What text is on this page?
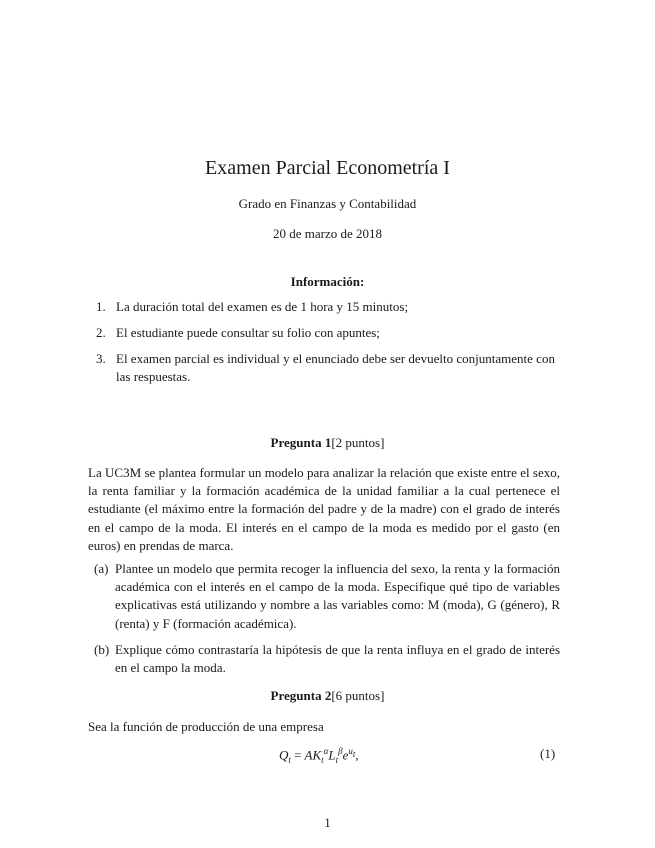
Examen Parcial Econometría I
Grado en Finanzas y Contabilidad
20 de marzo de 2018
Información:
1. La duración total del examen es de 1 hora y 15 minutos;
2. El estudiante puede consultar su folio con apuntes;
3. El examen parcial es individual y el enunciado debe ser devuelto conjuntamente con las respuestas.
Pregunta 1[2 puntos]
La UC3M se plantea formular un modelo para analizar la relación que existe entre el sexo, la renta familiar y la formación académica de la unidad familiar a la cual pertenece el estudiante (el máximo entre la formación del padre y de la madre) con el grado de interés en el campo de la moda. El interés en el campo de la moda es medido por el gasto (en euros) en prendas de marca.
(a) Plantee un modelo que permita recoger la influencia del sexo, la renta y la formación académica con el interés en el campo de la moda. Especifique qué tipo de variables explicativas está utilizando y nombre a las variables como: M (moda), G (género), R (renta) y F (formación académica).
(b) Explique cómo contrastaría la hipótesis de que la renta influya en el grado de interés en el campo la moda.
Pregunta 2[6 puntos]
Sea la función de producción de una empresa
$Q_t = AK_t^\alpha L_t^\beta e^{u_t}$,	(1)
1
